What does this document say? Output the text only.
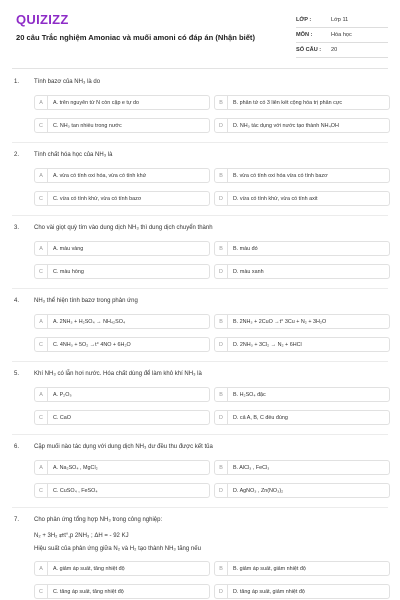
QUIZIZZ
20 câu Trắc nghiệm Amoniac và muối amoni có đáp án (Nhận biết)
LỚP :	Lớp 11
MÔN :	Hóa học
SỐ CÂU :	20
1. Tính bazơ của NH₃ là do
A	A. trên nguyên tử N còn cặp e tự do	B	B. phân tử có 3 liên kết cộng hóa trị phân cực
C	C. NH₃ tan nhiều trong nước	D	D. NH₃ tác dụng với nước tạo thành NH₄OH
2. Tính chất hóa học của NH₃ là
A	A. vừa có tính oxi hóa, vừa có tính khử	B	B. vừa có tính oxi hóa vừa có tính bazơ
C	C. vừa có tính khử, vừa có tính bazơ	D	D. vừa có tính khử, vừa có tính axit
3. Cho vài giọt quỳ tím vào dung dịch NH₃ thì dung dịch chuyển thành
A	A. màu vàng	B	B. màu đỏ
C	C. màu hồng	D	D. màu xanh
4. NH₃ thể hiện tính bazơ trong phản ứng
A	A. 2NH₃ + H₂SO₄ → NH₄₂SO₄	B	B. 2NH₃ + 2CuO →t° 3Cu + N₂ + 3H₂O
C	C. 4NH₃ + 5O₂ →t° 4NO + 6H₂O	D	D. 2NH₃ + 3Cl₂ → N₂ + 6HCl
5. Khí NH₃ có lẫn hơi nước. Hóa chất dùng để làm khô khí NH₃ là
A	A. P₂O₅	B	B. H₂SO₄ đặc
C	C. CaO	D	D. cả A, B, C đều đúng
6. Cặp muối nào tác dụng với dung dịch NH₃ dư đều thu được kết tủa
A	A. Na₂SO₄ , MgCl₂	B	B. AlCl₃ , FeCl₃
C	C. CuSO₄ , FeSO₄	D	D. AgNO₃ , Zn(NO₃)₂
7. Cho phản ứng tổng hợp NH₃ trong công nghiệp:
N₂ + 3H₂ ⇄t°,p 2NH₃ ; ΔH = - 92 KJ
Hiệu suất của phản ứng giữa N₂ và H₂ tạo thành NH₃ tăng nếu
A	A. giảm áp suất, tăng nhiệt độ	B	B. giảm áp suất, giảm nhiệt độ
C	C. tăng áp suất, tăng nhiệt độ	D	D. tăng áp suất, giảm nhiệt độ
